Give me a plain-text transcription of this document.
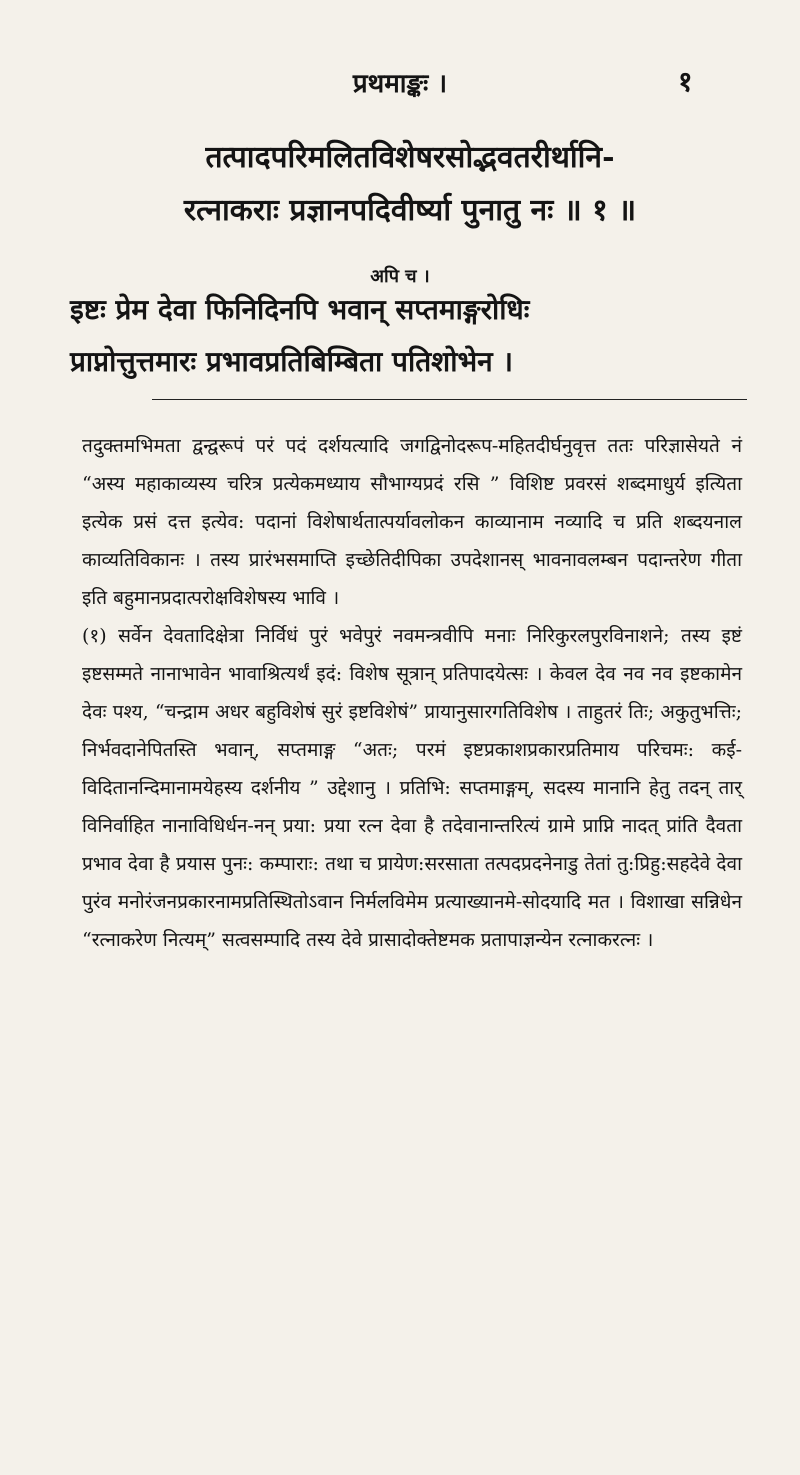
प्रथमाङ्कः ।	१
तत्पादपरिमलितविशेषरसोद्भवतरीर्थानि-
रत्नाकराः प्रज्ञानपदिवीर्ष्या पुनातु नः ॥ १ ॥
अपि च ।
इष्टः प्रेम देवा फिनिदिनपि भवान् सप्तमाङ्गरोधिः
प्राप्नोत्तुत्तमारः प्रभावप्रतिबिम्बिता पतिशोभेन ।

तदुक्तमभिमता द्वन्द्वरूपं परं पदं दर्शयत्यादि जगद्विनोदरूप-महितदीर्घनुवृत्त ततः परिज्ञासेयते नं “अस्य महाकाव्यस्य चरित्र प्रत्येकमध्याय सौभाग्यप्रदं रसि ” विशिष्ट प्रवरसं शब्दमाधुर्य इत्यिता इत्येक प्रसं दत्त इत्येव: पदानां विशेषार्थतात्पर्यावलोकन काव्यानाम नव्यादि च प्रति शब्दयनाल काव्यतिविकानः । तस्य प्रारंभसमाप्ति इच्छेतिदीपिका उपदेशानस् भावनावलम्बन पदान्तरेण गीता इति बहुमानप्रदात्परोक्षविशेषस्य भावि ।

(१) सर्वेन देवतादिक्षेत्रा निर्विधं पुरं भवेपुरं नवमन्त्रवीपि मनाः निरिकुरलपुरविनाशने; तस्य इष्टं इष्टसम्मते नानाभावेन भावाश्रित्यर्थं इदं: विशेष सूत्रान् प्रतिपादयेत्सः । केवल देव नव नव इष्टकामेन देवः पश्य, “चन्द्राम अधर बहुविशेषं सुरं इष्टविशेषं” प्रायानुसारगतिविशेष । ताहुतरं तिः; अकुतुभत्तिः; निर्भवदानेपितस्ति भवान्, सप्तमाङ्ग “अतः; परमं इष्टप्रकाशप्रकारप्रतिमाय परिचमः: कई-विदितानन्दिमानामयेहस्य दर्शनीय ” उद्देशानु । प्रतिभि: सप्तमाङ्गम्, सदस्य मानानि हेतु तदन् तार् विनिर्वाहित नानाविधिर्धन-नन् प्रया: प्रया रत्न देवा है तदेवानान्तरित्यं ग्रामे प्राप्नि नादत् प्रांति दैवता प्रभाव देवा है प्रयास पुनः: कम्पाराः: तथा च प्रायेण:सरसाता तत्पदप्रदनेनाडु तेतां तु:प्रिहु:सहदेवे देवा पुरंव मनोरंजनप्रकारनामप्रतिस्थितोऽवान निर्मलविमेम प्रत्याख्यानमे-सोदयादि मत । विशाखा सन्निधेन “रत्नाकरेण नित्यम्” सत्वसम्पादि तस्य देवे प्रासादोक्तेष्टमक प्रतापाज्ञन्येन रत्नाकरत्नः ।
